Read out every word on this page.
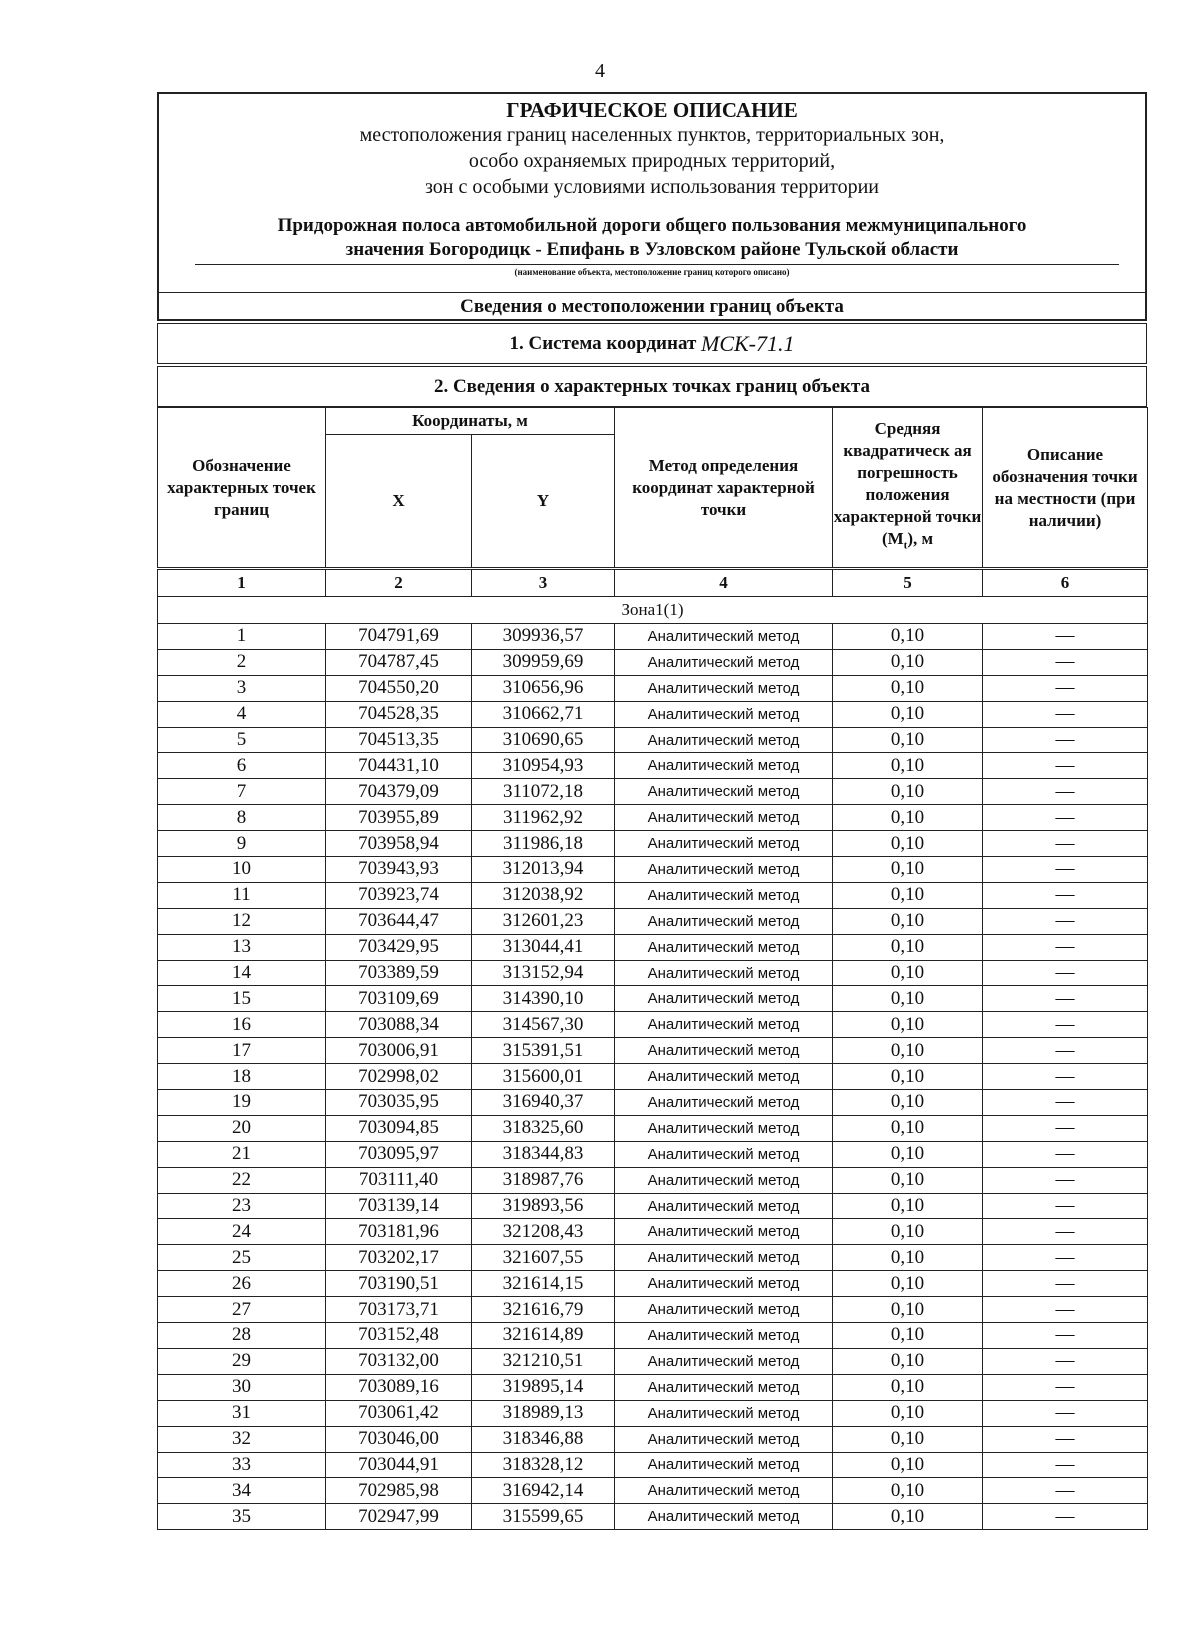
4
ГРАФИЧЕСКОЕ ОПИСАНИЕ
местоположения границ населенных пунктов, территориальных зон,
особо охраняемых природных территорий,
зон с особыми условиями использования территории
Придорожная полоса автомобильной дороги общего пользования межмуниципального
значения Богородицк - Епифань в Узловском районе Тульской области
(наименование объекта, местоположение границ которого описано)
Сведения о местоположении границ объекта
1. Система координат
МСК-71.1
2. Сведения о характерных точках границ объекта
Обозначение характерных точек границ	Координаты, м		Метод определения координат характерной точки	Средняя квадратическ ая погрешность положения характерной точки $(M_t)$, м	Описание обозначения точки на местности (при наличии)
	X	Y			
1	2	3	4	5	6
Зона1(1)					
1	704791,69	309936,57	Аналитический метод	0,10	—
2	704787,45	309959,69	Аналитический метод	0,10	—
3	704550,20	310656,96	Аналитический метод	0,10	—
4	704528,35	310662,71	Аналитический метод	0,10	—
5	704513,35	310690,65	Аналитический метод	0,10	—
6	704431,10	310954,93	Аналитический метод	0,10	—
7	704379,09	311072,18	Аналитический метод	0,10	—
8	703955,89	311962,92	Аналитический метод	0,10	—
9	703958,94	311986,18	Аналитический метод	0,10	—
10	703943,93	312013,94	Аналитический метод	0,10	—
11	703923,74	312038,92	Аналитический метод	0,10	—
12	703644,47	312601,23	Аналитический метод	0,10	—
13	703429,95	313044,41	Аналитический метод	0,10	—
14	703389,59	313152,94	Аналитический метод	0,10	—
15	703109,69	314390,10	Аналитический метод	0,10	—
16	703088,34	314567,30	Аналитический метод	0,10	—
17	703006,91	315391,51	Аналитический метод	0,10	—
18	702998,02	315600,01	Аналитический метод	0,10	—
19	703035,95	316940,37	Аналитический метод	0,10	—
20	703094,85	318325,60	Аналитический метод	0,10	—
21	703095,97	318344,83	Аналитический метод	0,10	—
22	703111,40	318987,76	Аналитический метод	0,10	—
23	703139,14	319893,56	Аналитический метод	0,10	—
24	703181,96	321208,43	Аналитический метод	0,10	—
25	703202,17	321607,55	Аналитический метод	0,10	—
26	703190,51	321614,15	Аналитический метод	0,10	—
27	703173,71	321616,79	Аналитический метод	0,10	—
28	703152,48	321614,89	Аналитический метод	0,10	—
29	703132,00	321210,51	Аналитический метод	0,10	—
30	703089,16	319895,14	Аналитический метод	0,10	—
31	703061,42	318989,13	Аналитический метод	0,10	—
32	703046,00	318346,88	Аналитический метод	0,10	—
33	703044,91	318328,12	Аналитический метод	0,10	—
34	702985,98	316942,14	Аналитический метод	0,10	—
35	702947,99	315599,65	Аналитический метод	0,10	—
